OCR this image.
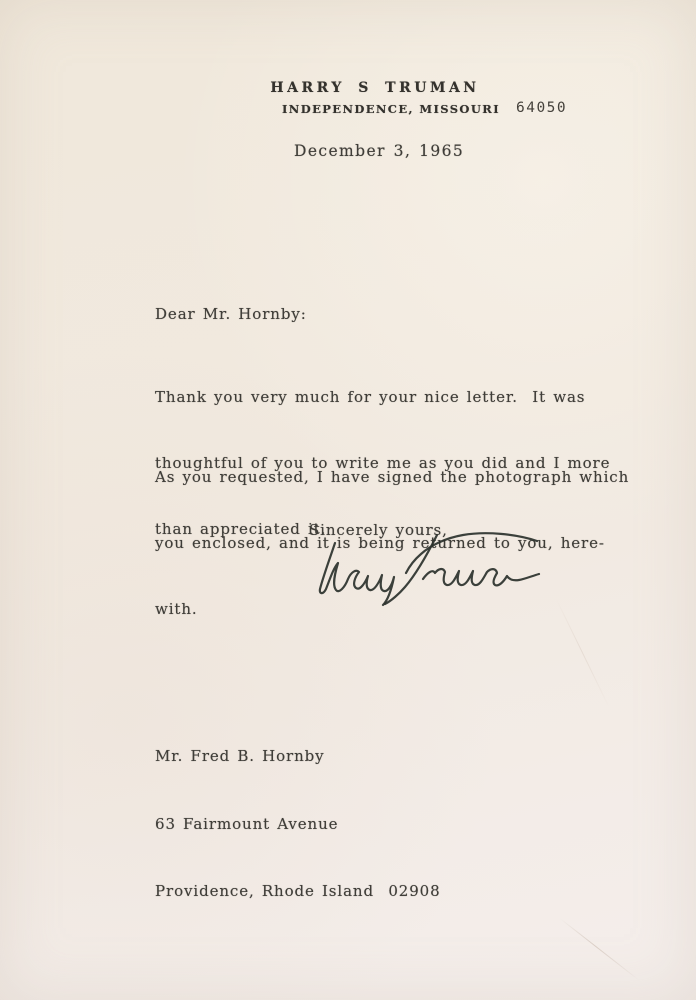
HARRY S TRUMAN
INDEPENDENCE, MISSOURI 64050
December 3, 1965
Dear Mr. Hornby:

Thank you very much for your nice letter.  It was

thoughtful of you to write me as you did and I more

than appreciated it.

As you requested, I have signed the photograph which

you enclosed, and it is being returned to you, here-

with.

Sincerely yours,

Mr. Fred B. Hornby

63 Fairmount Avenue

Providence, Rhode Island  02908
